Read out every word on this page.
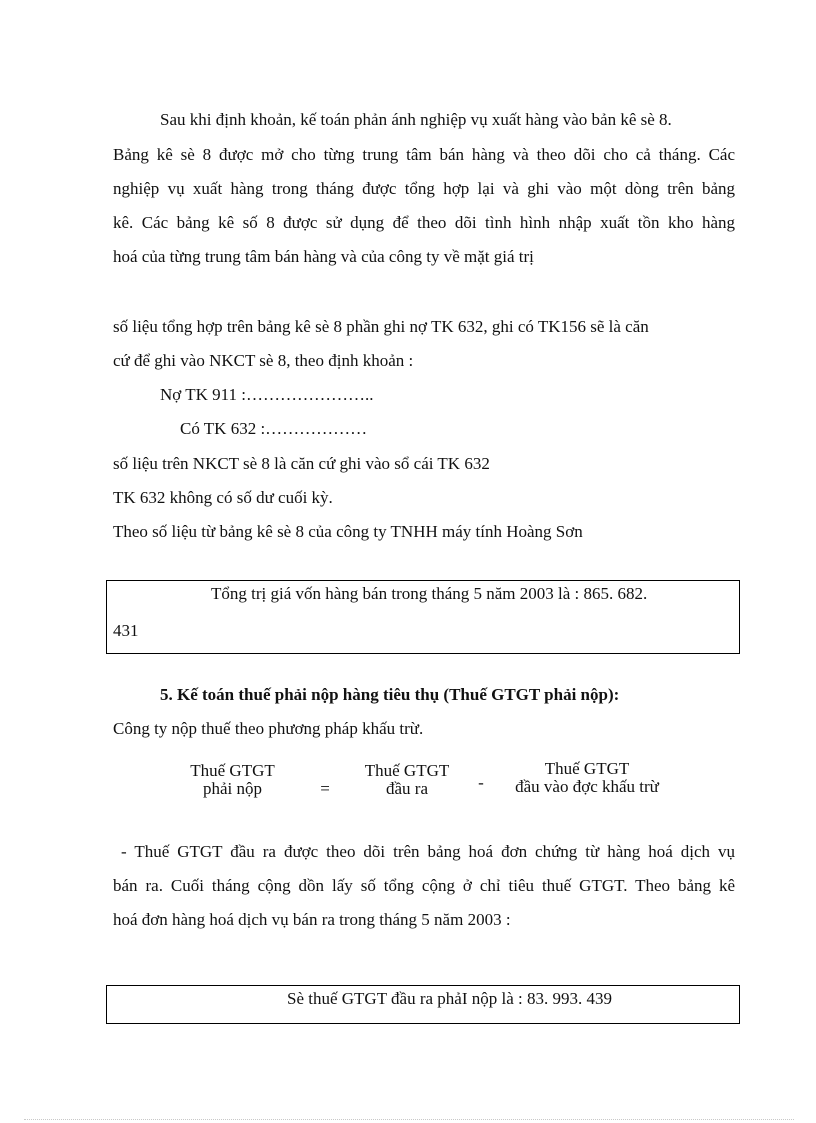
Sau khi định khoản, kế toán phản ánh nghiệp vụ xuất hàng vào bản kê sè 8.
Bảng kê sè 8 được mở cho từng trung tâm bán hàng và theo dõi cho cả tháng. Các
nghiệp vụ xuất hàng trong tháng được tổng hợp lại và ghi vào một dòng trên bảng
kê. Các bảng kê số 8 được sử dụng để theo dõi tình hình nhập xuất tồn kho hàng
hoá của từng trung tâm bán hàng và của công ty về mặt giá trị
số liệu tổng hợp trên bảng kê sè 8 phần ghi nợ TK 632, ghi có TK156 sẽ là căn
cứ để ghi vào NKCT sè 8, theo định khoản :
Nợ TK 911 :…………………..
Có TK 632 :………………
số liệu trên NKCT sè 8 là căn cứ ghi vào sổ cái TK 632
TK 632 không có số dư cuối kỳ.
Theo số liệu từ bảng kê sè 8 của công ty TNHH máy tính Hoàng Sơn
Tổng trị giá vốn hàng bán trong tháng 5 năm 2003 là : 865. 682.
431
5. Kế toán thuế phải nộp hàng tiêu thụ (Thuế GTGT phải nộp):
Công ty nộp thuế theo phương pháp khấu trừ.
Thuế GTGT
phải nộp	=
Thuế GTGT
đầu ra	-
Thuế GTGT
đầu vào đợc khấu trừ
- Thuế GTGT đầu ra được theo dõi trên bảng hoá đơn chứng từ hàng hoá dịch vụ
bán ra. Cuối tháng cộng dồn lấy số tổng cộng ở chỉ tiêu thuế GTGT. Theo bảng kê
hoá đơn hàng hoá dịch vụ bán ra trong tháng 5 năm 2003 :
Sè thuế GTGT đầu ra phảI nộp là : 83. 993. 439
